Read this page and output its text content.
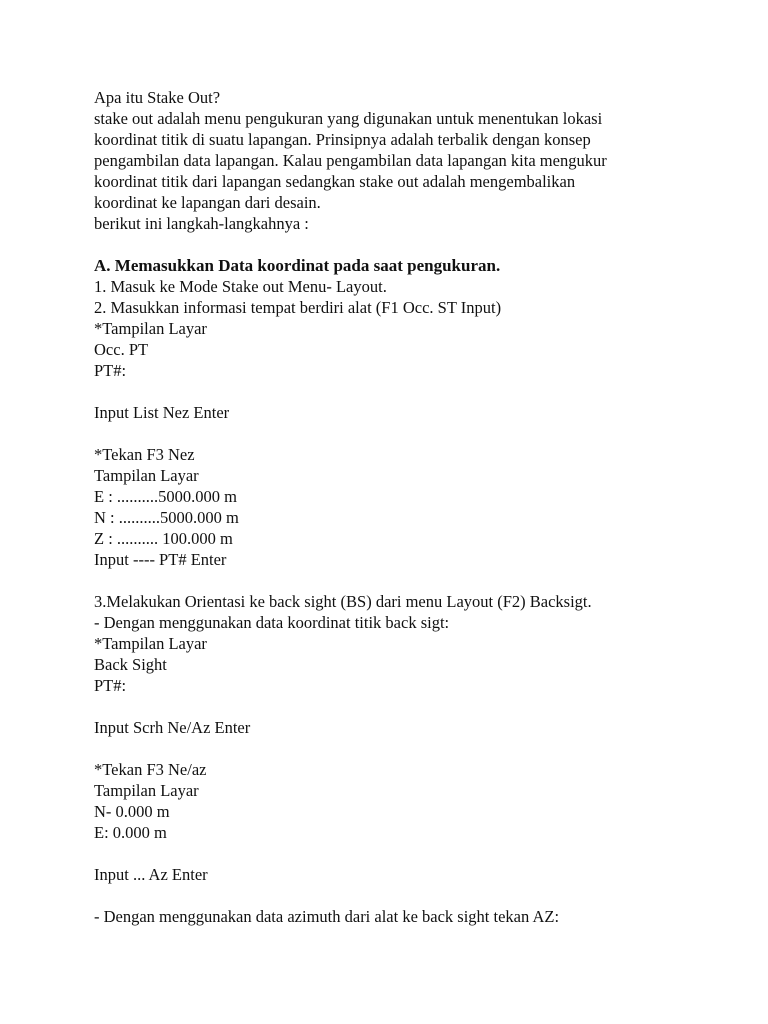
Apa itu Stake Out?
stake out adalah menu pengukuran yang digunakan untuk menentukan lokasi
koordinat titik di suatu lapangan. Prinsipnya adalah terbalik dengan konsep
pengambilan data lapangan. Kalau pengambilan data lapangan kita mengukur
koordinat titik dari lapangan sedangkan stake out adalah mengembalikan
koordinat ke lapangan dari desain.
berikut ini langkah-langkahnya :
A. Memasukkan Data koordinat pada saat pengukuran.
1. Masuk ke Mode Stake out Menu- Layout.
2. Masukkan informasi tempat berdiri alat (F1 Occ. ST Input)
*Tampilan Layar
Occ. PT
PT#:
Input List Nez Enter
*Tekan F3 Nez
Tampilan Layar
E : ..........5000.000 m
N : ..........5000.000 m
Z : .......... 100.000 m
Input ---- PT# Enter
3.Melakukan Orientasi ke back sight (BS) dari menu Layout (F2) Backsigt.
- Dengan menggunakan data koordinat titik back sigt:
*Tampilan Layar
Back Sight
PT#:
Input Scrh Ne/Az Enter
*Tekan F3 Ne/az
Tampilan Layar
N- 0.000 m
E: 0.000 m
Input ... Az Enter
- Dengan menggunakan data azimuth dari alat ke back sight tekan AZ:
